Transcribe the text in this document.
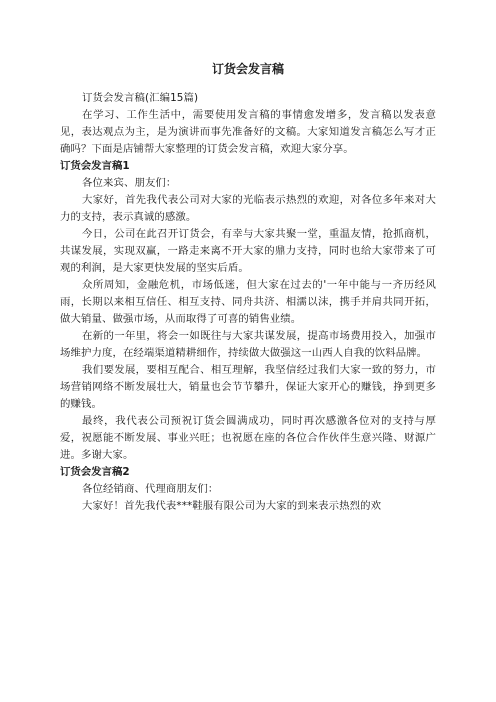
订货会发言稿

订货会发言稿(汇编15篇)

在学习、工作生活中，需要使用发言稿的事情愈发增多，发言稿以发表意见，表达观点为主，是为演讲而事先准备好的文稿。大家知道发言稿怎么写才正确吗？下面是店铺帮大家整理的订货会发言稿，欢迎大家分享。

订货会发言稿1

各位来宾、朋友们：

大家好，首先我代表公司对大家的光临表示热烈的欢迎，对各位多年来对大力的支持，表示真诚的感激。

今日，公司在此召开订货会，有幸与大家共聚一堂，重温友情，抢抓商机，共谋发展，实现双赢，一路走来离不开大家的鼎力支持，同时也给大家带来了可观的利润，是大家更快发展的坚实后盾。

众所周知，金融危机，市场低迷，但大家在过去的'一年中能与一齐历经风雨，长期以来相互信任、相互支持、同舟共济、相濡以沫，携手并肩共同开拓，做大销量、做强市场，从而取得了可喜的销售业绩。

在新的一年里，将会一如既往与大家共谋发展，提高市场费用投入，加强市场维护力度，在经端渠道精耕细作，持续做大做强这一山西人自我的饮料品牌。

我们要发展，要相互配合、相互理解，我坚信经过我们大家一致的努力，市场营销网络不断发展壮大，销量也会节节攀升，保证大家开心的赚钱，挣到更多的赚钱。

最终，我代表公司预祝订货会圆满成功，同时再次感激各位对的支持与厚爱，祝愿能不断发展、事业兴旺；也祝愿在座的各位合作伙伴生意兴隆、财源广进。多谢大家。

订货会发言稿2

各位经销商、代理商朋友们：

大家好！首先我代表***鞋服有限公司为大家的到来表示热烈的欢
